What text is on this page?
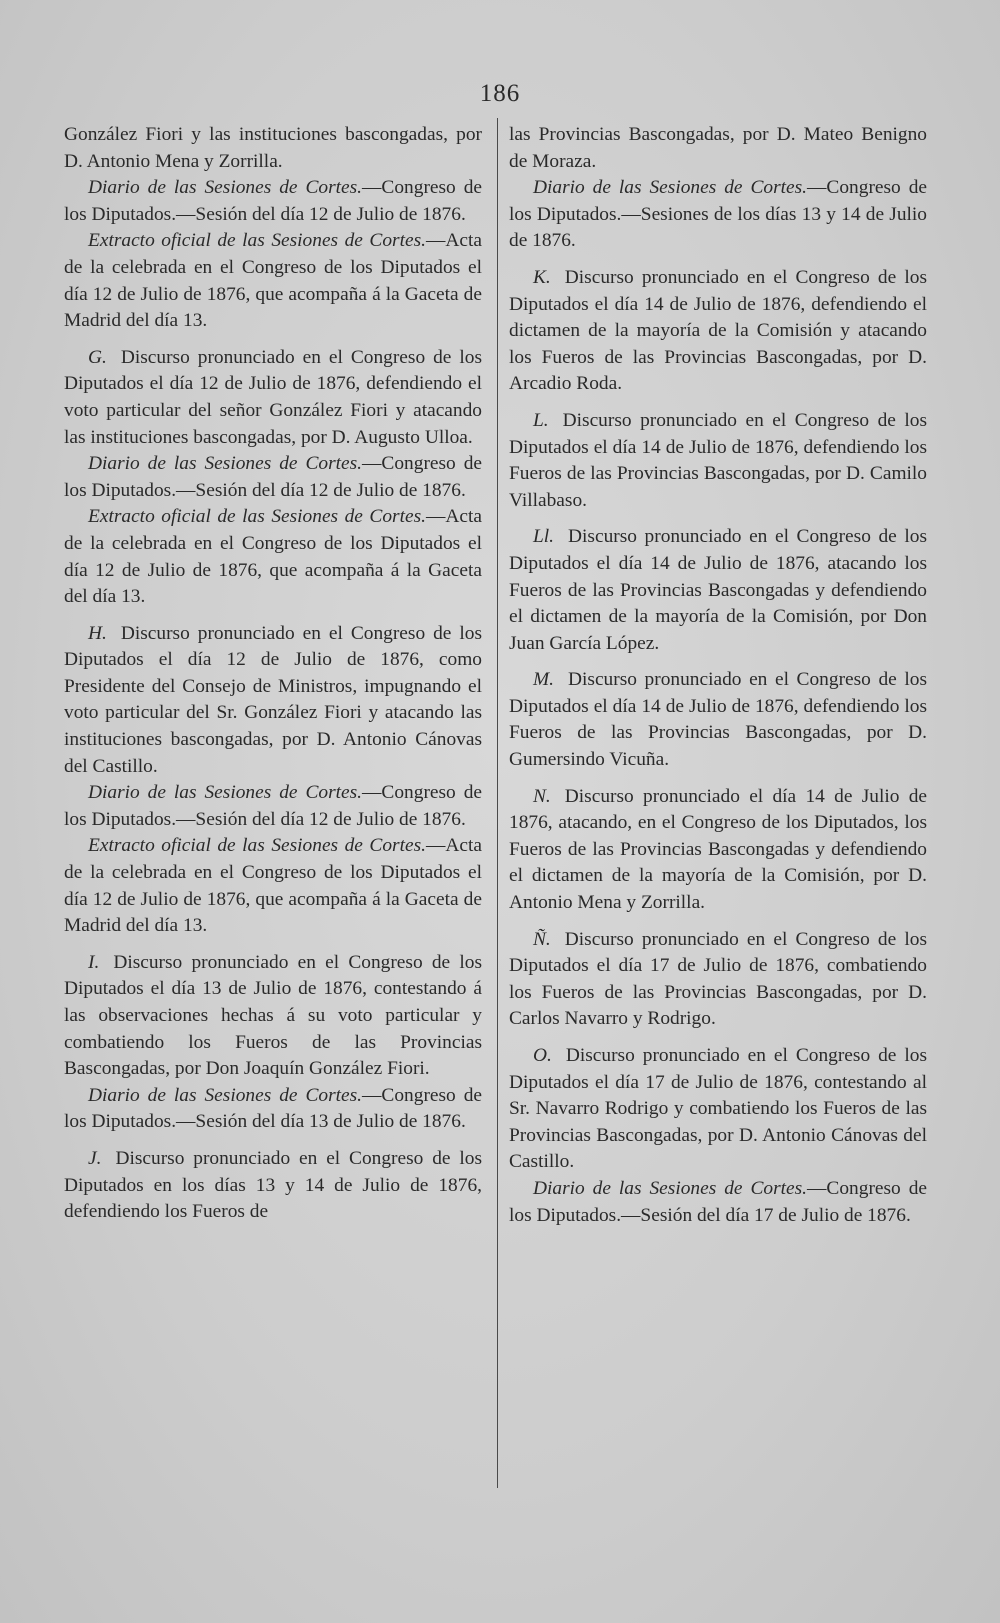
186

González Fiori y las instituciones bascongadas, por D. Antonio Mena y Zorrilla.

Diario de las Sesiones de Cortes.—Congreso de los Diputados.—Sesión del día 12 de Julio de 1876.

Extracto oficial de las Sesiones de Cortes.—Acta de la celebrada en el Congreso de los Diputados el día 12 de Julio de 1876, que acompaña á la Gaceta de Madrid del día 13.

G. Discurso pronunciado en el Congreso de los Diputados el día 12 de Julio de 1876, defendiendo el voto particular del señor González Fiori y atacando las instituciones bascongadas, por D. Augusto Ulloa.

Diario de las Sesiones de Cortes.—Congreso de los Diputados.—Sesión del día 12 de Julio de 1876.

Extracto oficial de las Sesiones de Cortes.—Acta de la celebrada en el Congreso de los Diputados el día 12 de Julio de 1876, que acompaña á la Gaceta del día 13.

H. Discurso pronunciado en el Congreso de los Diputados el día 12 de Julio de 1876, como Presidente del Consejo de Ministros, impugnando el voto particular del Sr. González Fiori y atacando las instituciones bascongadas, por D. Antonio Cánovas del Castillo.

Diario de las Sesiones de Cortes.—Congreso de los Diputados.—Sesión del día 12 de Julio de 1876.

Extracto oficial de las Sesiones de Cortes.—Acta de la celebrada en el Congreso de los Diputados el día 12 de Julio de 1876, que acompaña á la Gaceta de Madrid del día 13.

I. Discurso pronunciado en el Congreso de los Diputados el día 13 de Julio de 1876, contestando á las observaciones hechas á su voto particular y combatiendo los Fueros de las Provincias Bascongadas, por Don Joaquín González Fiori.

Diario de las Sesiones de Cortes.—Congreso de los Diputados.—Sesión del día 13 de Julio de 1876.

J. Discurso pronunciado en el Congreso de los Diputados en los días 13 y 14 de Julio de 1876, defendiendo los Fueros de

las Provincias Bascongadas, por D. Mateo Benigno de Moraza.

Diario de las Sesiones de Cortes.—Congreso de los Diputados.—Sesiones de los días 13 y 14 de Julio de 1876.

K. Discurso pronunciado en el Congreso de los Diputados el día 14 de Julio de 1876, defendiendo el dictamen de la mayoría de la Comisión y atacando los Fueros de las Provincias Bascongadas, por D. Arcadio Roda.

L. Discurso pronunciado en el Congreso de los Diputados el día 14 de Julio de 1876, defendiendo los Fueros de las Provincias Bascongadas, por D. Camilo Villabaso.

Ll. Discurso pronunciado en el Congreso de los Diputados el día 14 de Julio de 1876, atacando los Fueros de las Provincias Bascongadas y defendiendo el dictamen de la mayoría de la Comisión, por Don Juan García López.

M. Discurso pronunciado en el Congreso de los Diputados el día 14 de Julio de 1876, defendiendo los Fueros de las Provincias Bascongadas, por D. Gumersindo Vicuña.

N. Discurso pronunciado el día 14 de Julio de 1876, atacando, en el Congreso de los Diputados, los Fueros de las Provincias Bascongadas y defendiendo el dictamen de la mayoría de la Comisión, por D. Antonio Mena y Zorrilla.

Ñ. Discurso pronunciado en el Congreso de los Diputados el día 17 de Julio de 1876, combatiendo los Fueros de las Provincias Bascongadas, por D. Carlos Navarro y Rodrigo.

O. Discurso pronunciado en el Congreso de los Diputados el día 17 de Julio de 1876, contestando al Sr. Navarro Rodrigo y combatiendo los Fueros de las Provincias Bascongadas, por D. Antonio Cánovas del Castillo.

Diario de las Sesiones de Cortes.—Congreso de los Diputados.—Sesión del día 17 de Julio de 1876.
